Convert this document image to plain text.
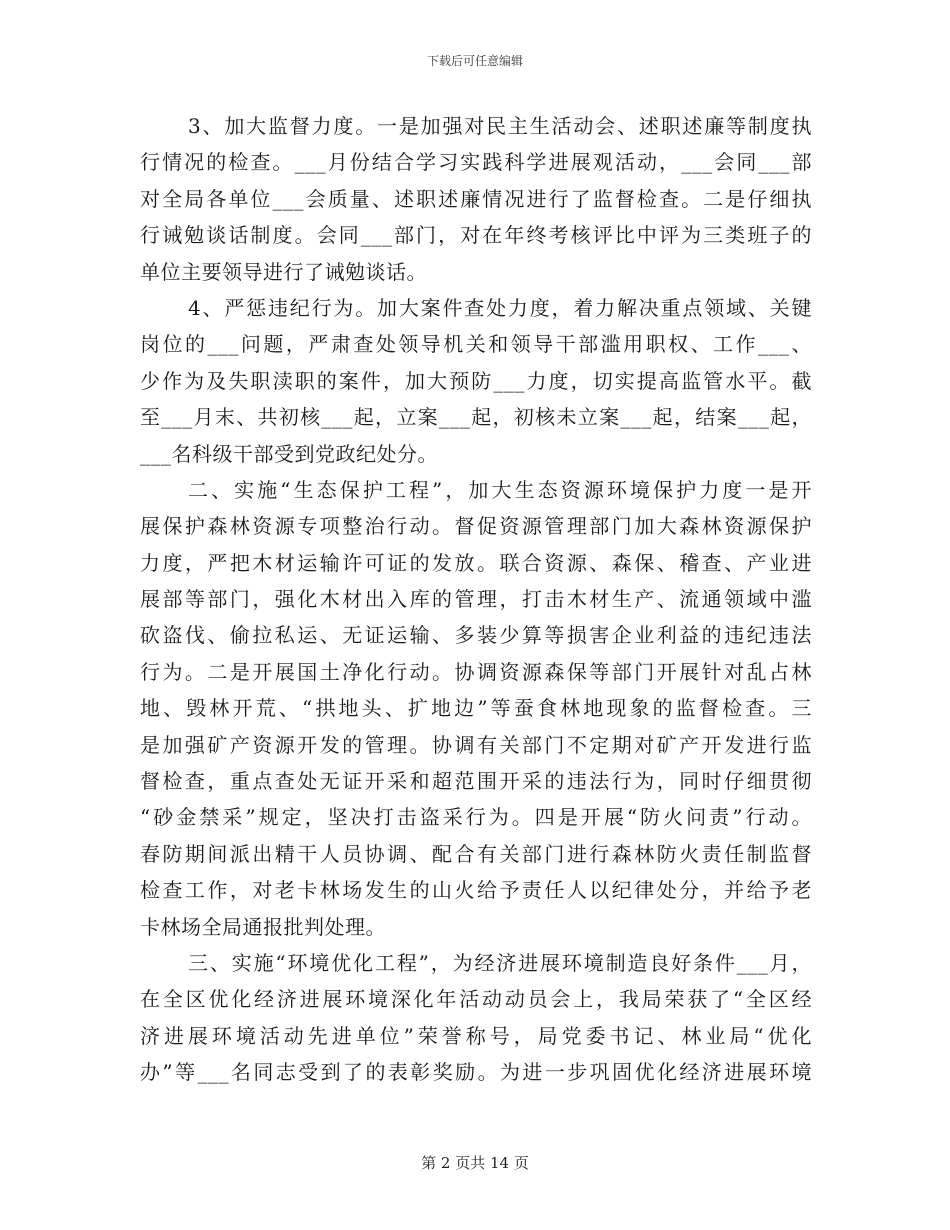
下载后可任意编辑
3、加大监督力度。一是加强对民主生活动会、述职述廉等制度执
行情况的检查。___月份结合学习实践科学进展观活动，___会同___部
对全局各单位___会质量、述职述廉情况进行了监督检查。二是仔细执
行诫勉谈话制度。会同___部门，对在年终考核评比中评为三类班子的
单位主要领导进行了诫勉谈话。
4、严惩违纪行为。加大案件查处力度，着力解决重点领域、关键
岗位的___问题，严肃查处领导机关和领导干部滥用职权、工作___、
少作为及失职渎职的案件，加大预防___力度，切实提高监管水平。截
至___月末、共初核___起，立案___起，初核未立案___起，结案___起，
___名科级干部受到党政纪处分。
二、实施“生态保护工程”，加大生态资源环境保护力度一是开
展保护森林资源专项整治行动。督促资源管理部门加大森林资源保护
力度，严把木材运输许可证的发放。联合资源、森保、稽查、产业进
展部等部门，强化木材出入库的管理，打击木材生产、流通领域中滥
砍盗伐、偷拉私运、无证运输、多装少算等损害企业利益的违纪违法
行为。二是开展国土净化行动。协调资源森保等部门开展针对乱占林
地、毁林开荒、“拱地头、扩地边”等蚕食林地现象的监督检查。三
是加强矿产资源开发的管理。协调有关部门不定期对矿产开发进行监
督检查，重点查处无证开采和超范围开采的违法行为，同时仔细贯彻
“砂金禁采”规定，坚决打击盗采行为。四是开展“防火问责”行动。
春防期间派出精干人员协调、配合有关部门进行森林防火责任制监督
检查工作，对老卡林场发生的山火给予责任人以纪律处分，并给予老
卡林场全局通报批判处理。
三、实施“环境优化工程”，为经济进展环境制造良好条件___月，
在全区优化经济进展环境深化年活动动员会上，我局荣获了“全区经
济进展环境活动先进单位”荣誉称号，局党委书记、林业局“优化
办”等___名同志受到了的表彰奖励。为进一步巩固优化经济进展环境
第 2 页共 14 页
